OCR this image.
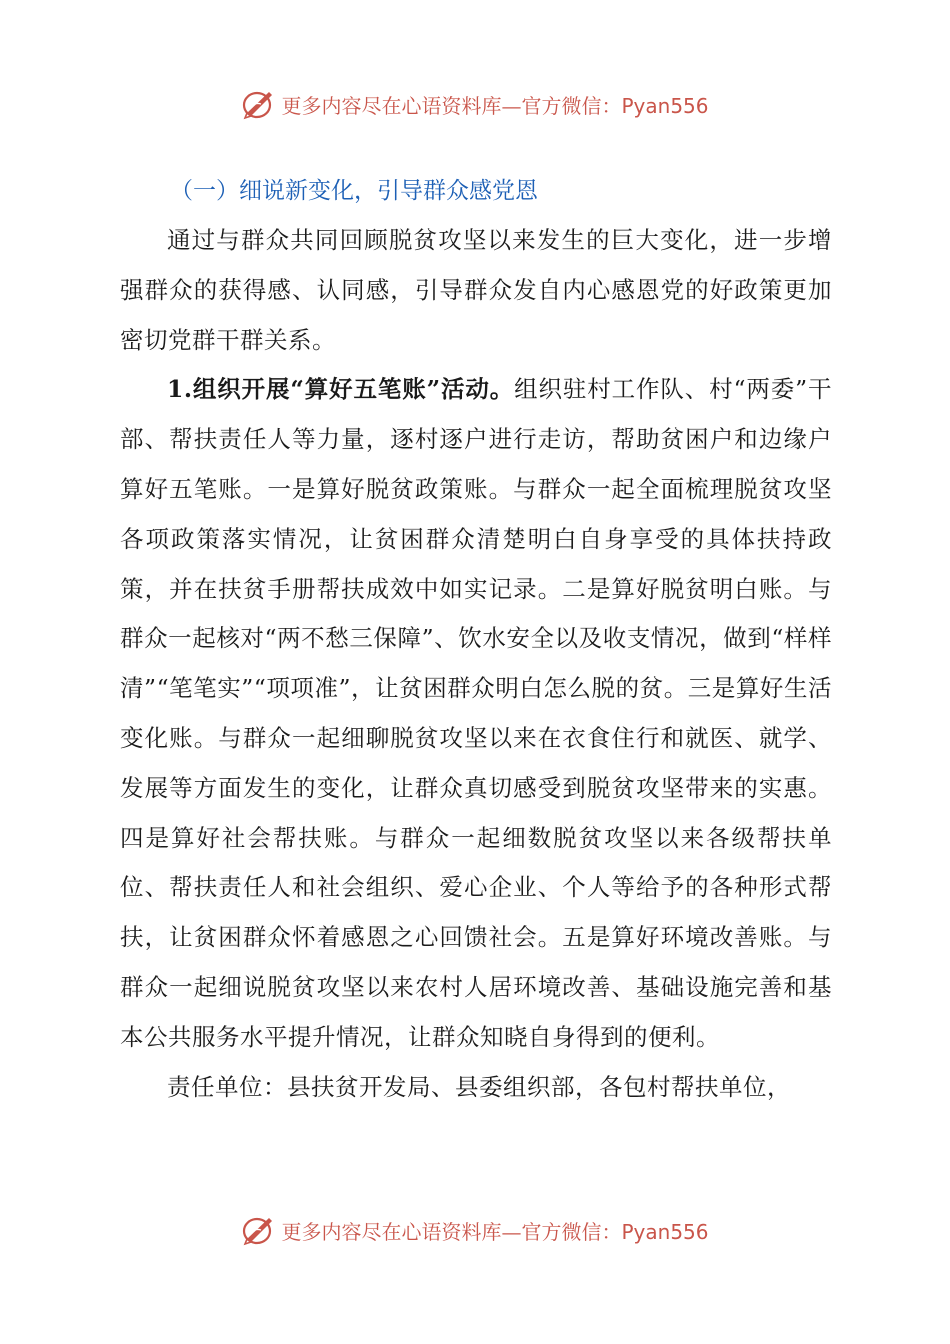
更多内容尽在心语资料库—官方微信：Pyan556
（一）细说新变化，引导群众感党恩

通过与群众共同回顾脱贫攻坚以来发生的巨大变化，进一步增强群众的获得感、认同感，引导群众发自内心感恩党的好政策更加密切党群干群关系。

1.组织开展“算好五笔账”活动。组织驻村工作队、村“两委”干部、帮扶责任人等力量，逐村逐户进行走访，帮助贫困户和边缘户算好五笔账。一是算好脱贫政策账。与群众一起全面梳理脱贫攻坚各项政策落实情况，让贫困群众清楚明白自身享受的具体扶持政策，并在扶贫手册帮扶成效中如实记录。二是算好脱贫明白账。与群众一起核对“两不愁三保障”、饮水安全以及收支情况，做到“样样清”“笔笔实”“项项准”，让贫困群众明白怎么脱的贫。三是算好生活变化账。与群众一起细聊脱贫攻坚以来在衣食住行和就医、就学、发展等方面发生的变化，让群众真切感受到脱贫攻坚带来的实惠。四是算好社会帮扶账。与群众一起细数脱贫攻坚以来各级帮扶单位、帮扶责任人和社会组织、爱心企业、个人等给予的各种形式帮扶，让贫困群众怀着感恩之心回馈社会。五是算好环境改善账。与群众一起细说脱贫攻坚以来农村人居环境改善、基础设施完善和基本公共服务水平提升情况，让群众知晓自身得到的便利。

责任单位：县扶贫开发局、县委组织部，各包村帮扶单位，

更多内容尽在心语资料库—官方微信：Pyan556
